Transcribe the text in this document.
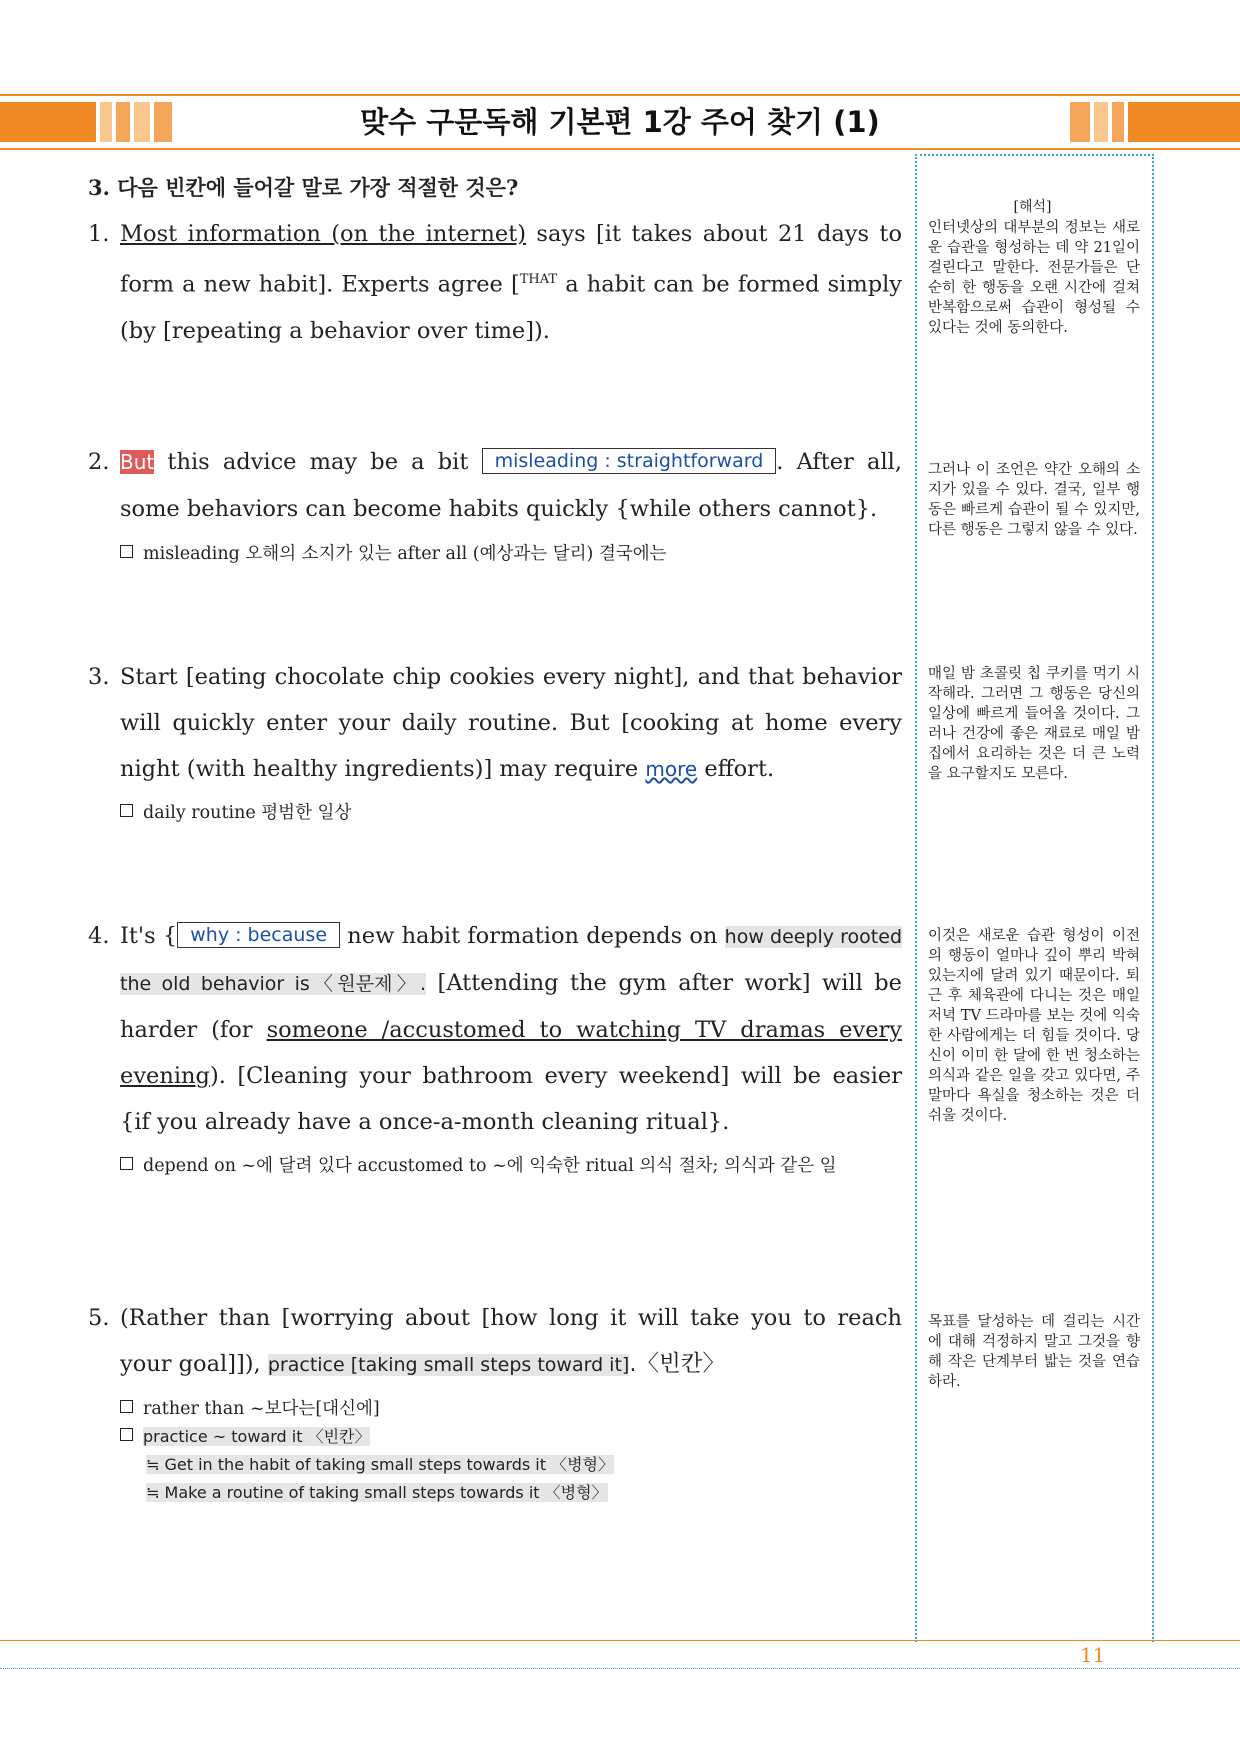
맞수 구문독해 기본편 1강 주어 찾기 (1)
[해석]
인터넷상의 대부분의 정보는 새로운 습관을 형성하는 데 약 21일이 걸린다고 말한다. 전문가들은 단순히 한 행동을 오랜 시간에 걸쳐 반복함으로써 습관이 형성될 수 있다는 것에 동의한다.
그러나 이 조언은 약간 오해의 소지가 있을 수 있다. 결국, 일부 행동은 빠르게 습관이 될 수 있지만, 다른 행동은 그렇지 않을 수 있다.
매일 밤 초콜릿 칩 쿠키를 먹기 시작해라. 그러면 그 행동은 당신의 일상에 빠르게 들어올 것이다. 그러나 건강에 좋은 재료로 매일 밤 집에서 요리하는 것은 더 큰 노력을 요구할지도 모른다.
이것은 새로운 습관 형성이 이전의 행동이 얼마나 깊이 뿌리 박혀 있는지에 달려 있기 때문이다. 퇴근 후 체육관에 다니는 것은 매일 저녁 TV 드라마를 보는 것에 익숙한 사람에게는 더 힘들 것이다. 당신이 이미 한 달에 한 번 청소하는 의식과 같은 일을 갖고 있다면, 주말마다 욕실을 청소하는 것은 더 쉬울 것이다.
목표를 달성하는 데 걸리는 시간에 대해 걱정하지 말고 그것을 향해 작은 단계부터 밟는 것을 연습하라.
3. 다음 빈칸에 들어갈 말로 가장 적절한 것은?
1. Most information (on the internet) says [it takes about 21 days to form a new habit]. Experts agree [$^{THAT}$ a habit can be formed simply (by [repeating a behavior over time]).
2. But this advice may be a bit misleading : straightforward . After all, some behaviors can become habits quickly {while others cannot}.
misleading 오해의 소지가 있는 after all (예상과는 달리) 결국에는
3. Start [eating chocolate chip cookies every night], and that behavior will quickly enter your daily routine. But [cooking at home every night (with healthy ingredients)] may require more effort.
daily routine 평범한 일상
4. It's { why : because new habit formation depends on how deeply rooted the old behavior is〈원문제〉. [Attending the gym after work] will be harder (for someone /accustomed to watching TV dramas every evening). [Cleaning your bathroom every weekend] will be easier {if you already have a once-a-month cleaning ritual}.
depend on ~에 달려 있다 accustomed to ~에 익숙한 ritual 의식 절차; 의식과 같은 일
5. (Rather than [worrying about [how long it will take you to reach your goal]]), practice [taking small steps toward it].〈빈칸〉
rather than ~보다는[대신에]
practice ~ toward it 〈빈칸〉
≒ Get in the habit of taking small steps towards it 〈병형〉
≒ Make a routine of taking small steps towards it 〈병형〉
11
